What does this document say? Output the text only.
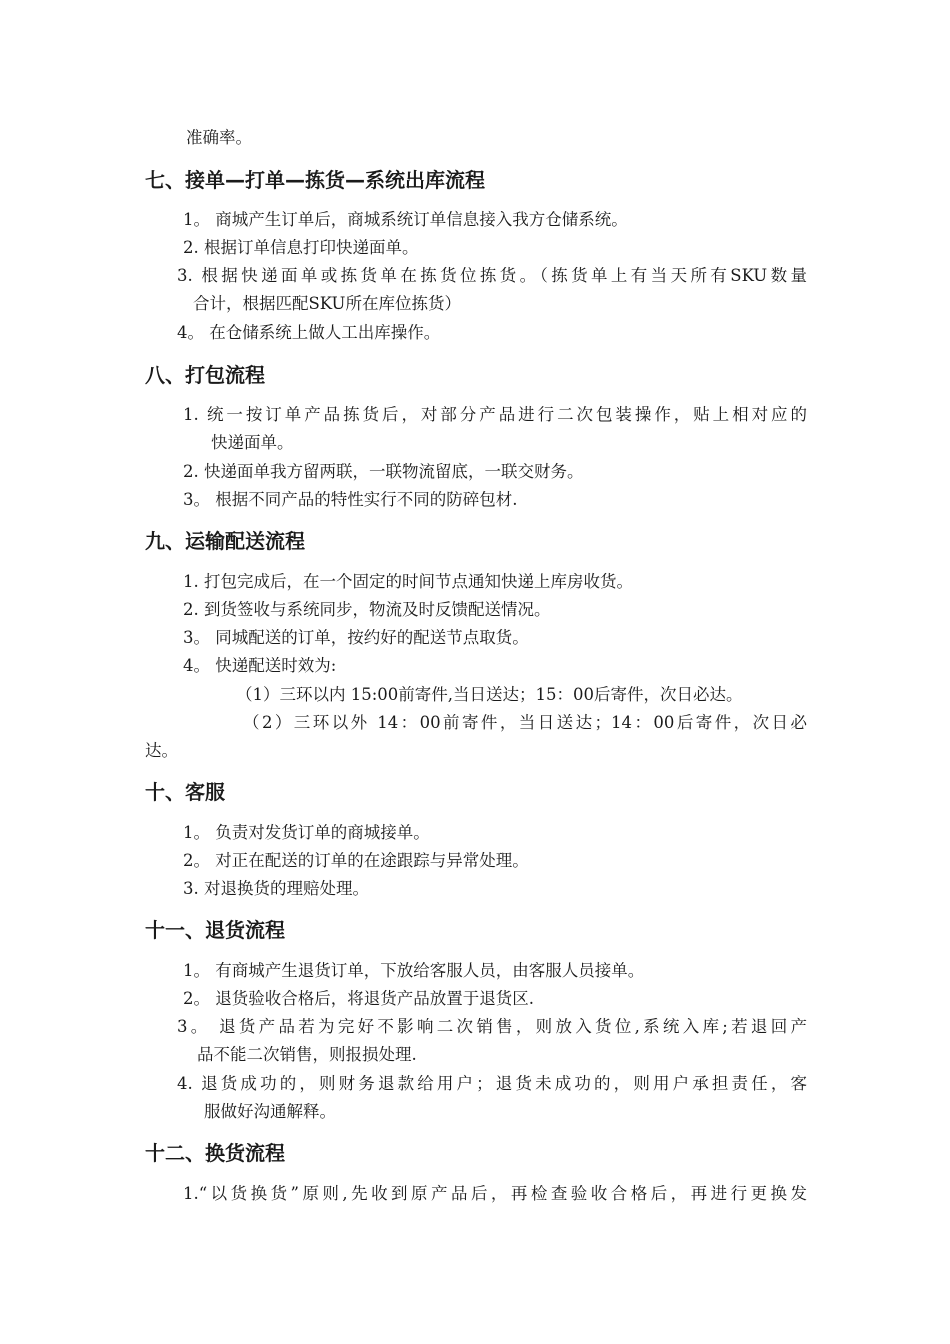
准确率。
七、接单—打单—拣货—系统出库流程
1。 商城产生订单后，商城系统订单信息接入我方仓储系统。
2. 根据订单信息打印快递面单。
3. 根据快递面单或拣货单在拣货位拣货。（拣货单上有当天所有SKU数量
合计，根据匹配SKU所在库位拣货）
4。 在仓储系统上做人工出库操作。
八、打包流程
1. 统一按订单产品拣货后，对部分产品进行二次包装操作，贴上相对应的
快递面单。
2. 快递面单我方留两联，一联物流留底，一联交财务。
3。 根据不同产品的特性实行不同的防碎包材.
九、运输配送流程
1. 打包完成后，在一个固定的时间节点通知快递上库房收货。
2. 到货签收与系统同步，物流及时反馈配送情况。
3。 同城配送的订单，按约好的配送节点取货。
4。 快递配送时效为:
（1）三环以内 15:00前寄件,当日送达；15：00后寄件，次日必达。
（2）三环以外 14：00前寄件，当日送达；14：00后寄件，次日必
达。
十、客服
1。 负责对发货订单的商城接单。
2。 对正在配送的订单的在途跟踪与异常处理。
3. 对退换货的理赔处理。
十一、退货流程
1。 有商城产生退货订单，下放给客服人员，由客服人员接单。
2。 退货验收合格后，将退货产品放置于退货区.
3。 退货产品若为完好不影响二次销售，则放入货位,系统入库;若退回产
品不能二次销售，则报损处理.
4. 退货成功的，则财务退款给用户；退货未成功的，则用户承担责任，客
服做好沟通解释。
十二、换货流程
1.“以货换货”原则,先收到原产品后，再检查验收合格后，再进行更换发
